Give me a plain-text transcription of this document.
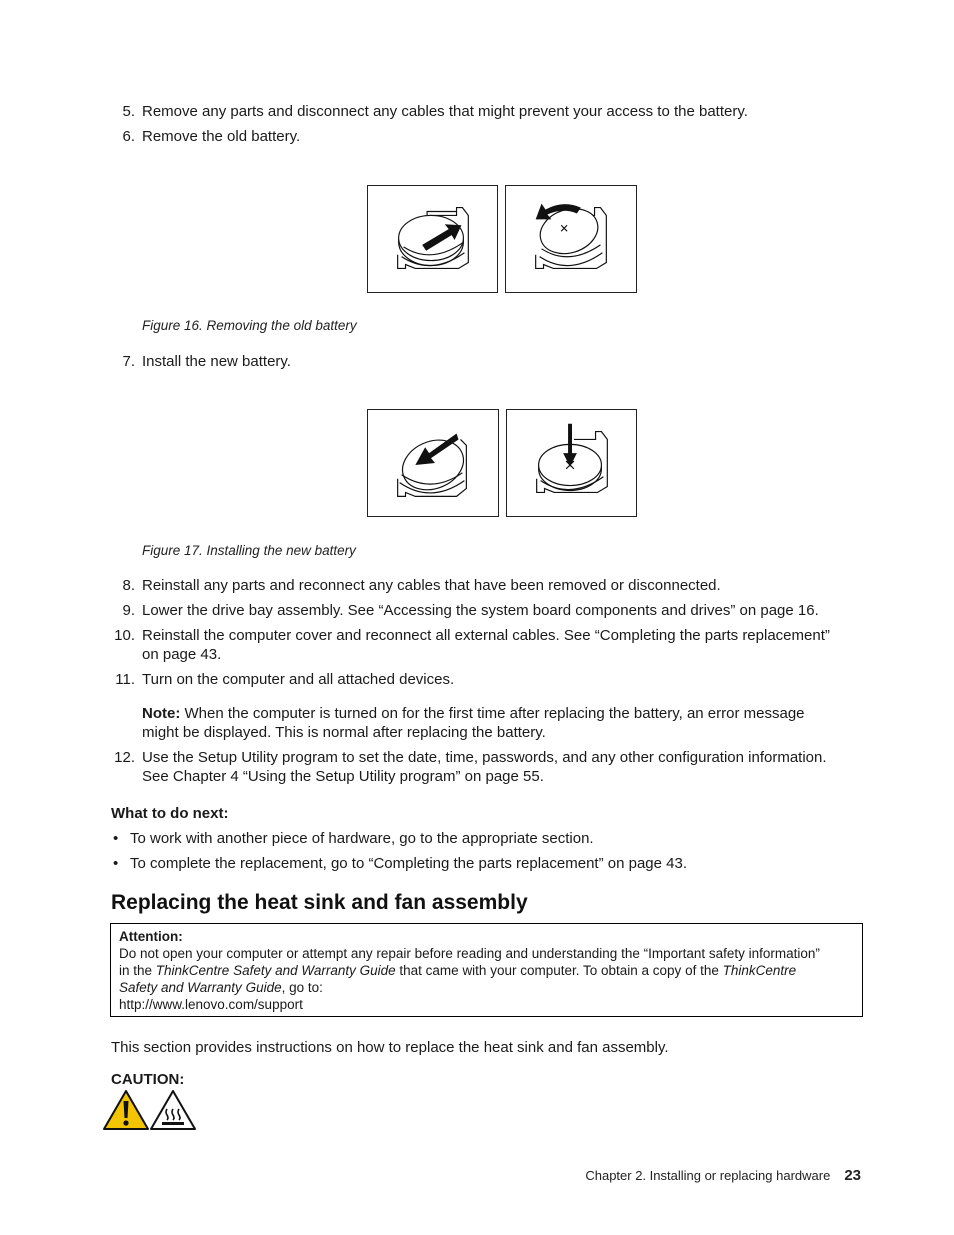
5. Remove any parts and disconnect any cables that might prevent your access to the battery.
6. Remove the old battery.
Figure 16. Removing the old battery
7. Install the new battery.
Figure 17. Installing the new battery
8. Reinstall any parts and reconnect any cables that have been removed or disconnected.
9. Lower the drive bay assembly. See “Accessing the system board components and drives” on page 16.
10. Reinstall the computer cover and reconnect all external cables. See “Completing the parts replacement”
on page 43.
11. Turn on the computer and all attached devices.
Note: When the computer is turned on for the first time after replacing the battery, an error message
might be displayed. This is normal after replacing the battery.
12. Use the Setup Utility program to set the date, time, passwords, and any other configuration information.
See Chapter 4 “Using the Setup Utility program” on page 55.
What to do next:
• To work with another piece of hardware, go to the appropriate section.
• To complete the replacement, go to “Completing the parts replacement” on page 43.
Replacing the heat sink and fan assembly
Attention:
Do not open your computer or attempt any repair before reading and understanding the “Important safety information”
in the ThinkCentre Safety and Warranty Guide that came with your computer. To obtain a copy of the ThinkCentre
Safety and Warranty Guide, go to:
http://www.lenovo.com/support
This section provides instructions on how to replace the heat sink and fan assembly.
CAUTION:
Chapter 2. Installing or replacing hardware 23
